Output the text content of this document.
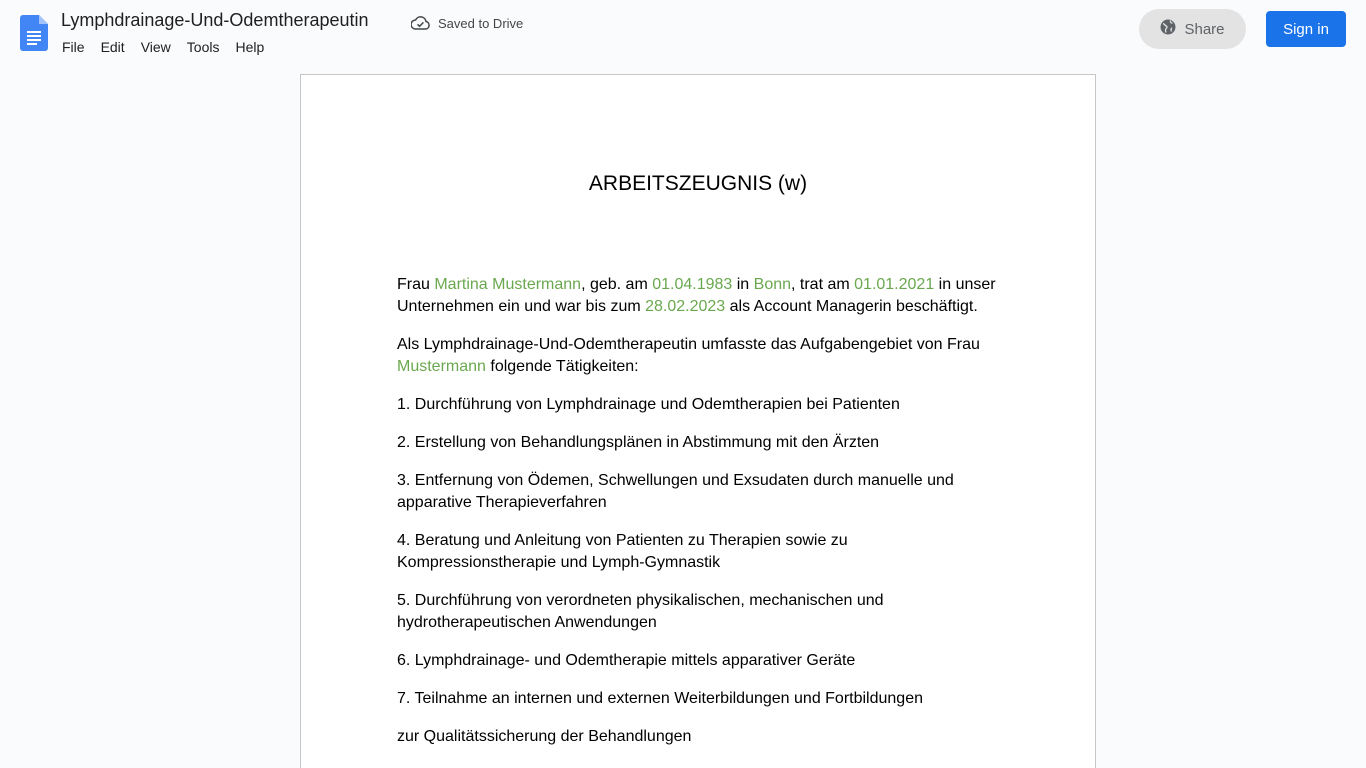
Lymphdrainage-Und-Odemtherapeutin	Saved to Drive
File	Edit	View	Tools	Help
Share	Sign in
ARBEITSZEUGNIS (w)

Frau Martina Mustermann, geb. am 01.04.1983 in Bonn, trat am 01.01.2021 in unser Unternehmen ein und war bis zum 28.02.2023 als Account Managerin beschäftigt.

Als Lymphdrainage-Und-Odemtherapeutin umfasste das Aufgabengebiet von Frau Mustermann folgende Tätigkeiten:

1. Durchführung von Lymphdrainage und Odemtherapien bei Patienten

2. Erstellung von Behandlungsplänen in Abstimmung mit den Ärzten

3. Entfernung von Ödemen, Schwellungen und Exsudaten durch manuelle und apparative Therapieverfahren

4. Beratung und Anleitung von Patienten zu Therapien sowie zu Kompressionstherapie und Lymph-Gymnastik

5. Durchführung von verordneten physikalischen, mechanischen und hydrotherapeutischen Anwendungen

6. Lymphdrainage- und Odemtherapie mittels apparativer Geräte

7. Teilnahme an internen und externen Weiterbildungen und Fortbildungen

zur Qualitätssicherung der Behandlungen
